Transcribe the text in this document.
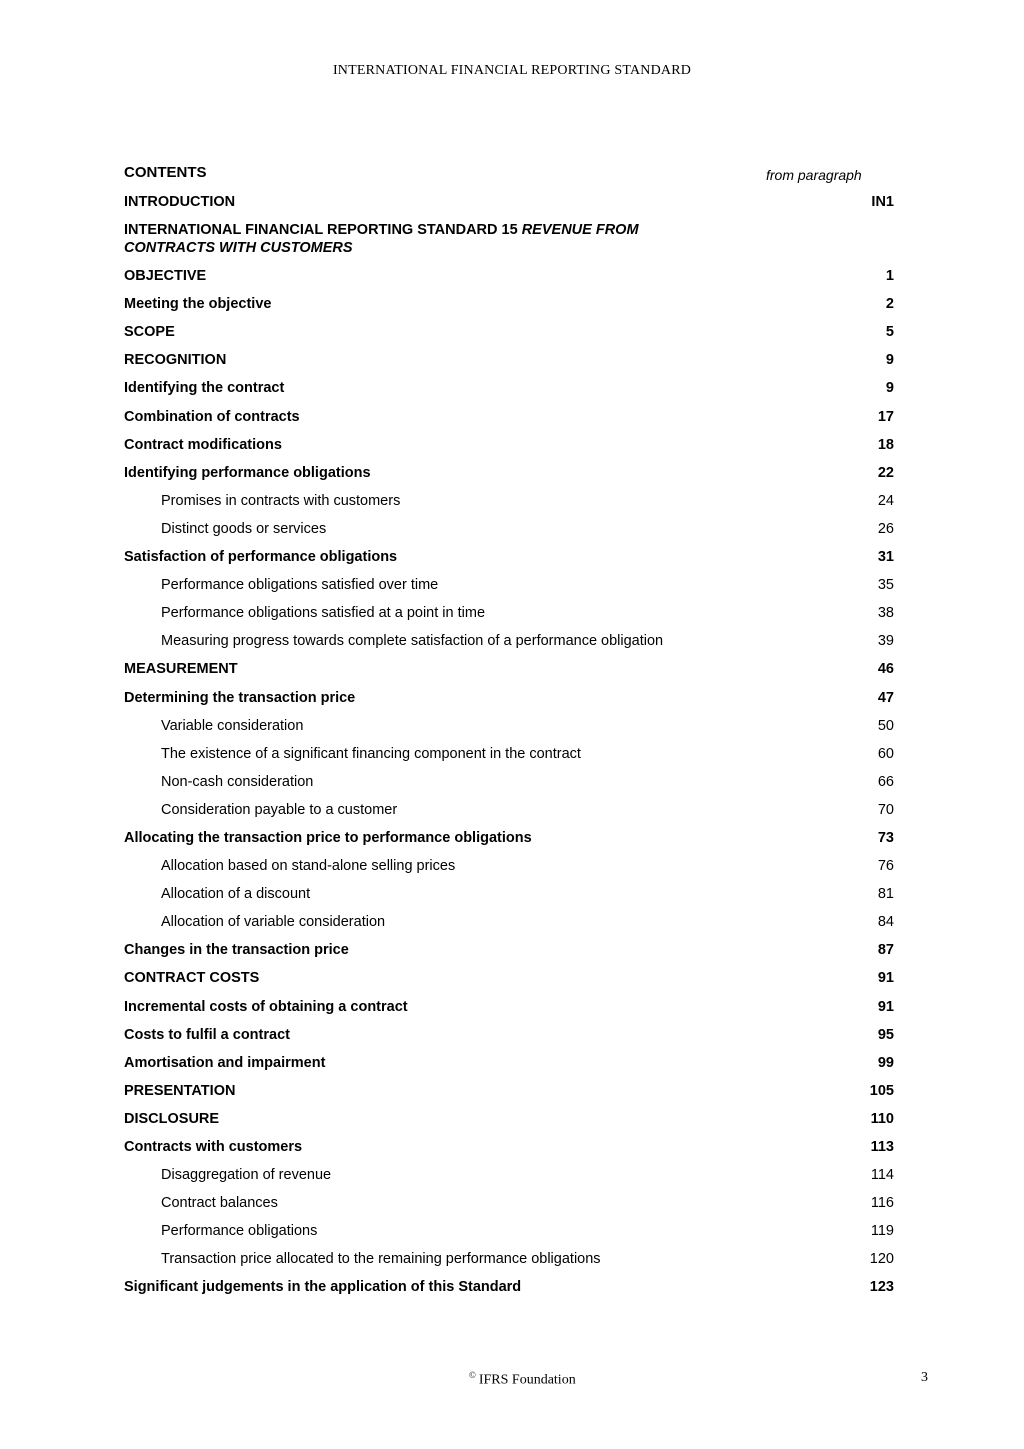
INTERNATIONAL FINANCIAL REPORTING STANDARD
CONTENTS	from paragraph
INTRODUCTION	IN1
INTERNATIONAL FINANCIAL REPORTING STANDARD 15 REVENUE FROM CONTRACTS WITH CUSTOMERS
OBJECTIVE	1
Meeting the objective	2
SCOPE	5
RECOGNITION	9
Identifying the contract	9
Combination of contracts	17
Contract modifications	18
Identifying performance obligations	22
Promises in contracts with customers	24
Distinct goods or services	26
Satisfaction of performance obligations	31
Performance obligations satisfied over time	35
Performance obligations satisfied at a point in time	38
Measuring progress towards complete satisfaction of a performance obligation	39
MEASUREMENT	46
Determining the transaction price	47
Variable consideration	50
The existence of a significant financing component in the contract	60
Non-cash consideration	66
Consideration payable to a customer	70
Allocating the transaction price to performance obligations	73
Allocation based on stand-alone selling prices	76
Allocation of a discount	81
Allocation of variable consideration	84
Changes in the transaction price	87
CONTRACT COSTS	91
Incremental costs of obtaining a contract	91
Costs to fulfil a contract	95
Amortisation and impairment	99
PRESENTATION	105
DISCLOSURE	110
Contracts with customers	113
Disaggregation of revenue	114
Contract balances	116
Performance obligations	119
Transaction price allocated to the remaining performance obligations	120
Significant judgements in the application of this Standard	123
© IFRS Foundation	3
